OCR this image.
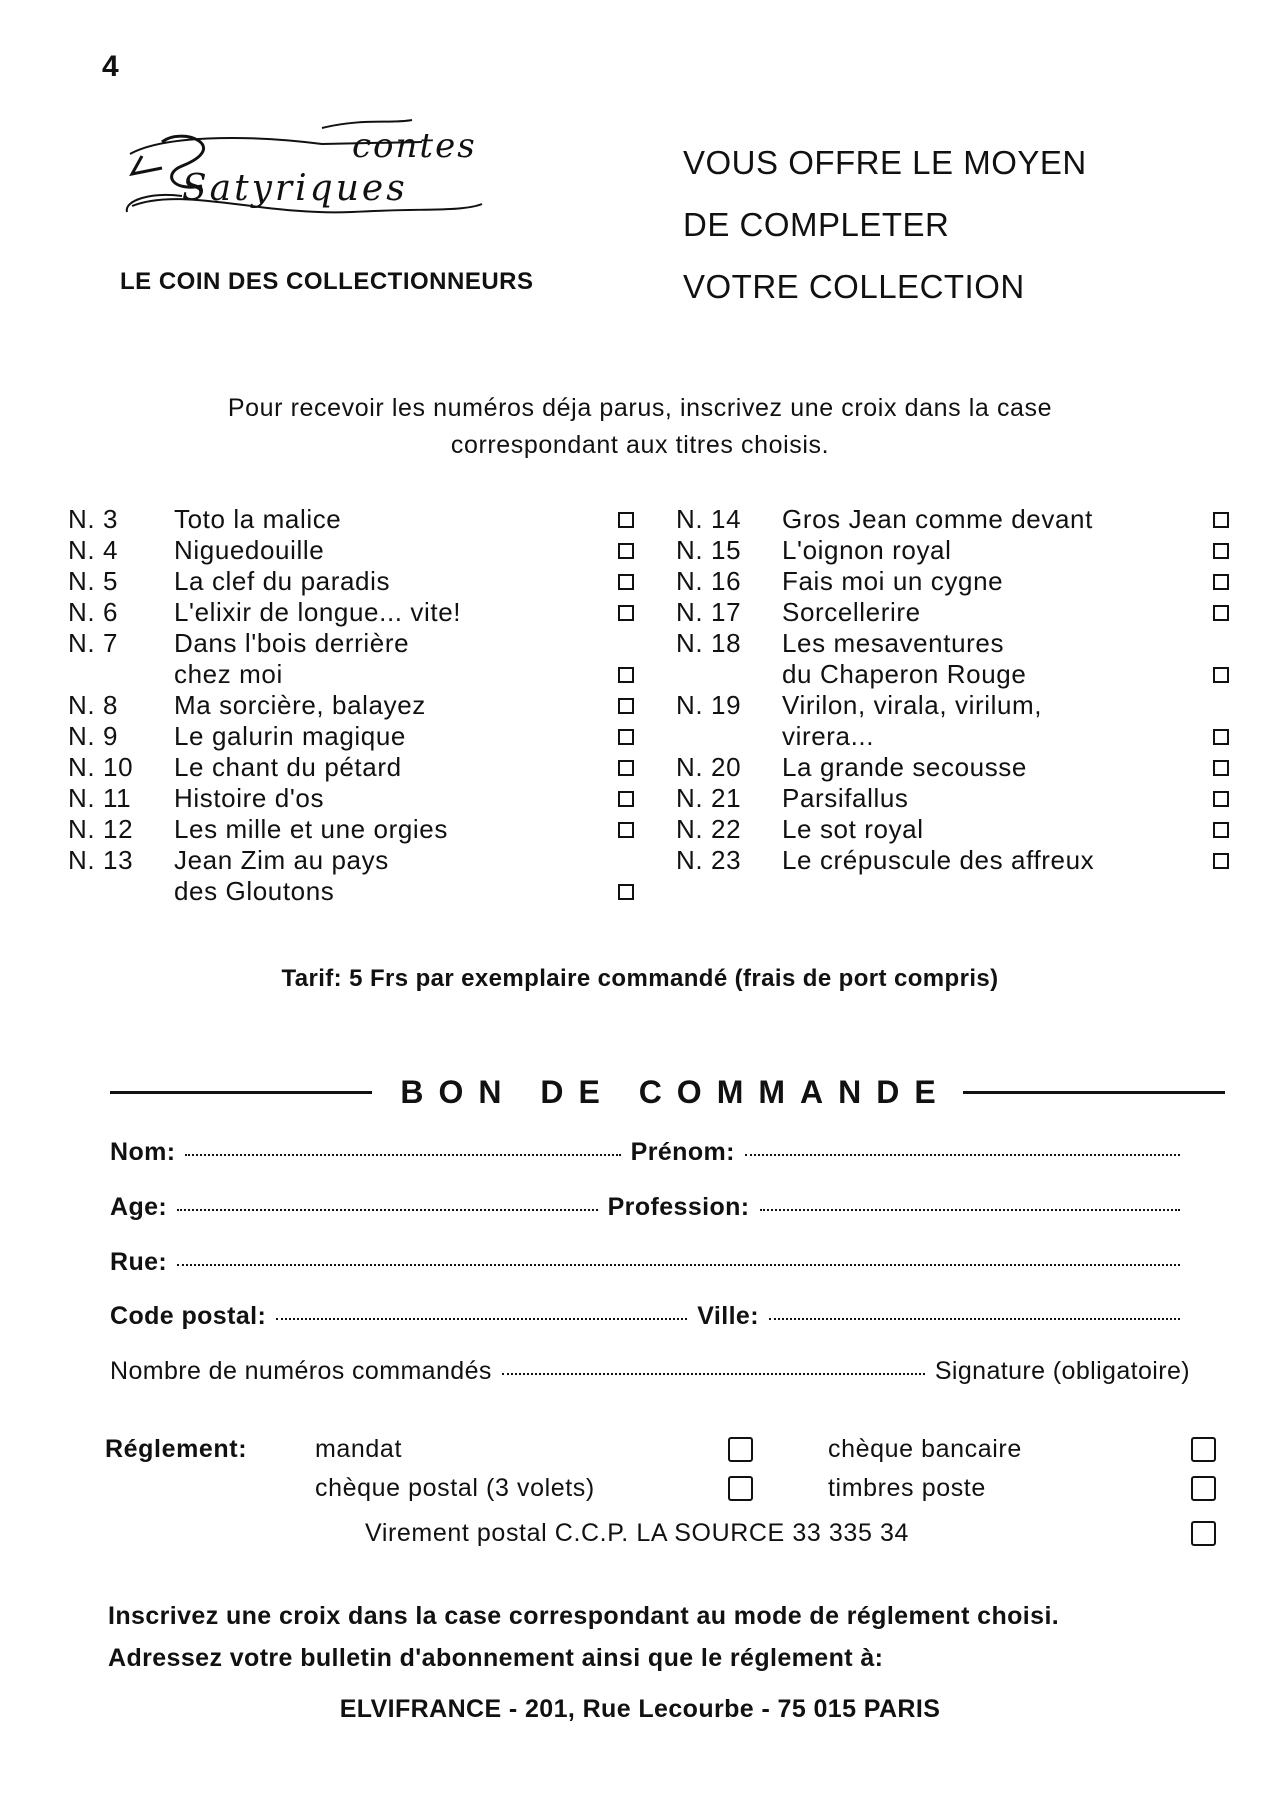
4
contes
Satyriques
LE COIN DES COLLECTIONNEURS
VOUS OFFRE LE MOYEN
DE COMPLETER
VOTRE COLLECTION
Pour recevoir les numéros déja parus, inscrivez une croix dans la case
correspondant aux titres choisis.
N. 3	Toto la malice
N. 4	Niguedouille
N. 5	La clef du paradis
N. 6	L'elixir de longue... vite!
N. 7	Dans l'bois derrière
chez moi
N. 8	Ma sorcière, balayez
N. 9	Le galurin magique
N. 10	Le chant du pétard
N. 11	Histoire d'os
N. 12	Les mille et une orgies
N. 13	Jean Zim au pays
des Gloutons
N. 14	Gros Jean comme devant
N. 15	L'oignon royal
N. 16	Fais moi un cygne
N. 17	Sorcellerire
N. 18	Les mesaventures
du Chaperon Rouge
N. 19	Virilon, virala, virilum,
virera...
N. 20	La grande secousse
N. 21	Parsifallus
N. 22	Le sot royal
N. 23	Le crépuscule des affreux
Tarif: 5 Frs par exemplaire commandé (frais de port compris)
BON DE COMMANDE
Nom:	Prénom:
Age:	Profession:
Rue:
Code postal:	Ville:
Nombre de numéros commandés	Signature (obligatoire)
Réglement:	mandat	chèque bancaire
chèque postal (3 volets)	timbres poste
Virement postal C.C.P. LA SOURCE 33 335 34
Inscrivez une croix dans la case correspondant au mode de réglement choisi.
Adressez votre bulletin d'abonnement ainsi que le réglement à:
ELVIFRANCE - 201, Rue Lecourbe - 75 015 PARIS
